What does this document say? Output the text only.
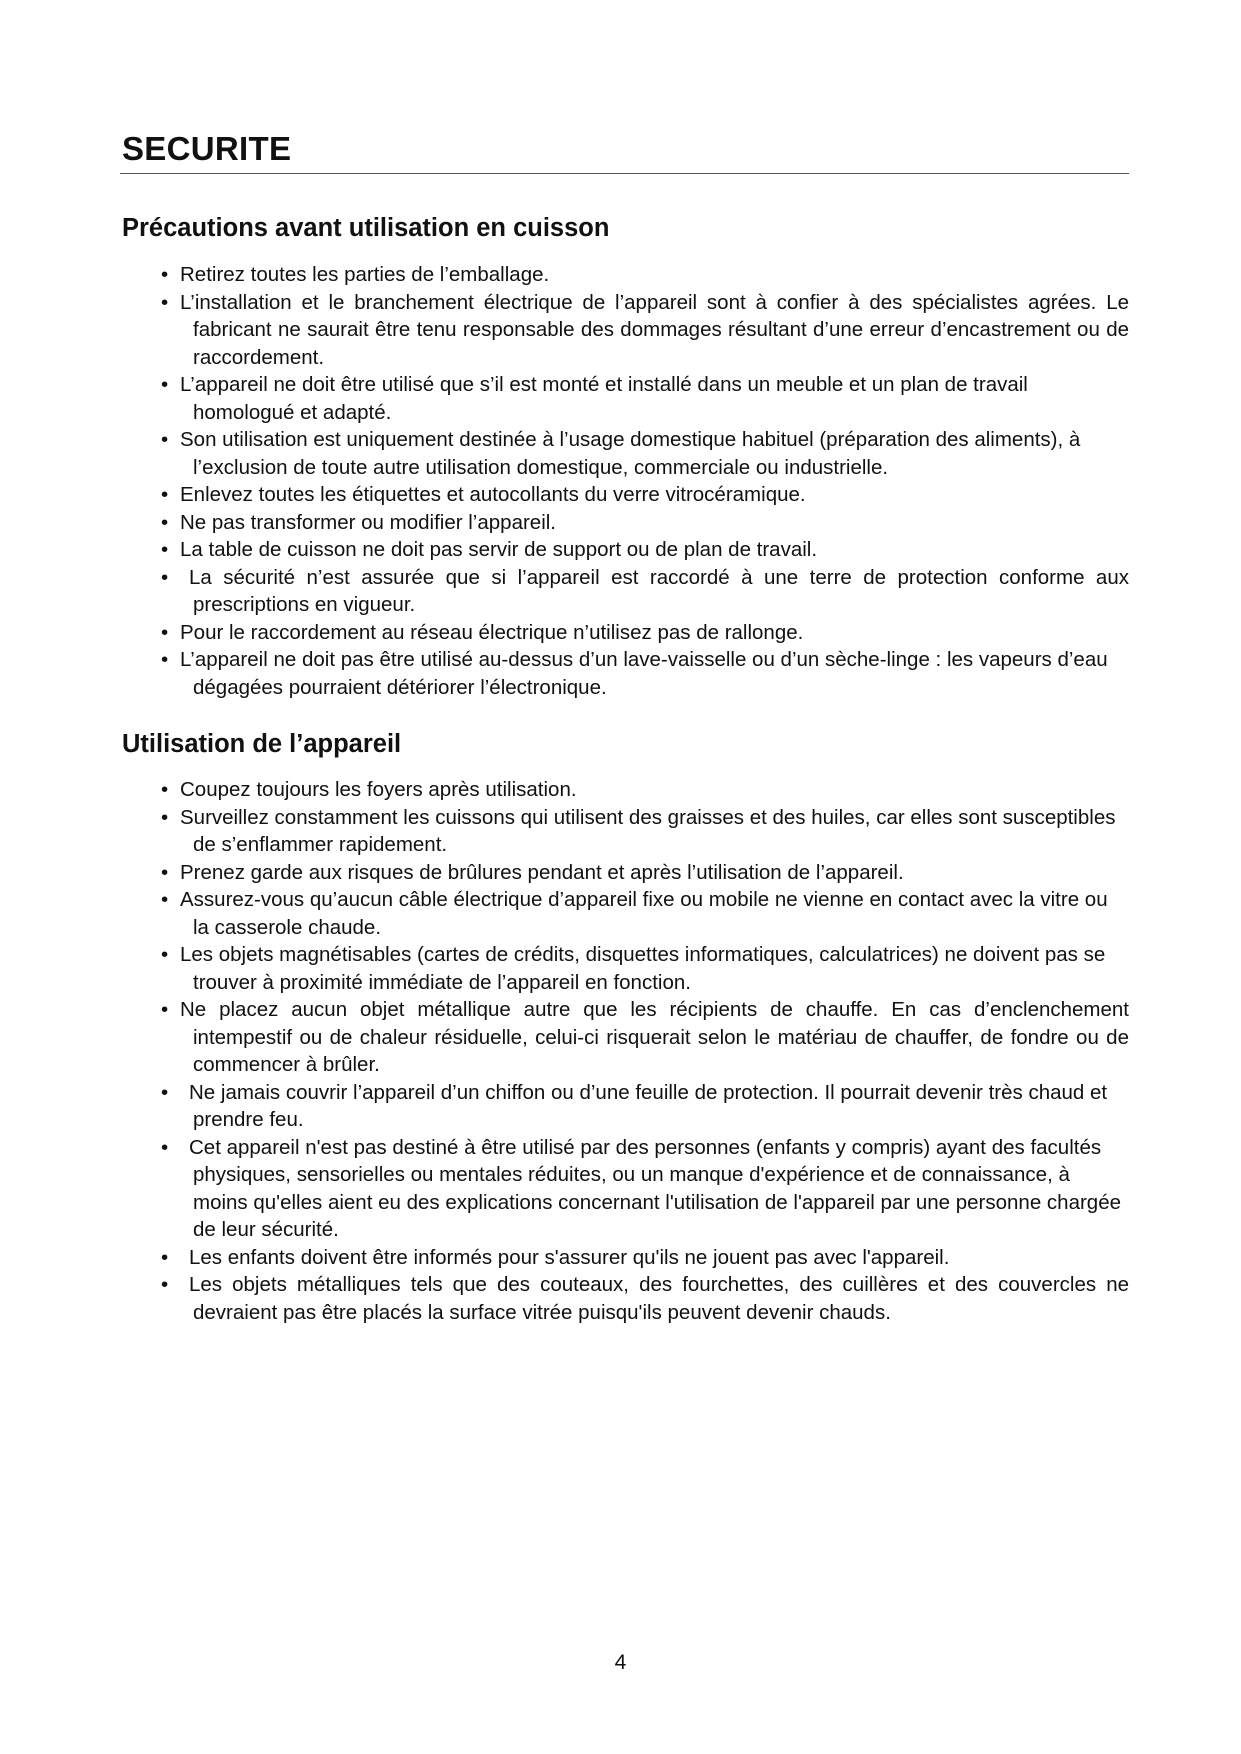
SECURITE
Précautions avant utilisation en cuisson
• Retirez toutes les parties de l’emballage.
• L’installation et le branchement électrique de l’appareil sont à confier à des spécialistes agrées. Le fabricant ne saurait être tenu responsable des dommages résultant d’une erreur d’encastrement ou de raccordement.
• L’appareil ne doit être utilisé que s’il est monté et installé dans un meuble et un plan de travail homologué et adapté.
• Son utilisation est uniquement destinée à l’usage domestique habituel (préparation des aliments), à l’exclusion de toute autre utilisation domestique, commerciale ou industrielle.
• Enlevez toutes les étiquettes et autocollants du verre vitrocéramique.
• Ne pas transformer ou modifier l’appareil.
• La table de cuisson ne doit pas servir de support ou de plan de travail.
• La sécurité n’est assurée que si l’appareil est raccordé à une terre de protection conforme aux prescriptions en vigueur.
• Pour le raccordement au réseau électrique n’utilisez pas de rallonge.
• L’appareil ne doit pas être utilisé au-dessus d’un lave-vaisselle ou d’un sèche-linge : les vapeurs d’eau dégagées pourraient détériorer l’électronique.
Utilisation de l’appareil
• Coupez toujours les foyers après utilisation.
• Surveillez constamment les cuissons qui utilisent des graisses et des huiles, car elles sont susceptibles de s’enflammer rapidement.
• Prenez garde aux risques de brûlures pendant et après l’utilisation de l’appareil.
• Assurez-vous qu’aucun câble électrique d’appareil fixe ou mobile ne vienne en contact avec la vitre ou la casserole chaude.
• Les objets magnétisables (cartes de crédits, disquettes informatiques, calculatrices) ne doivent pas se trouver à proximité immédiate de l’appareil en fonction.
• Ne placez aucun objet métallique autre que les récipients de chauffe. En cas d’enclenchement intempestif ou de chaleur résiduelle, celui-ci risquerait selon le matériau de chauffer, de fondre ou de commencer à brûler.
• Ne jamais couvrir l’appareil d’un chiffon ou d’une feuille de protection. Il pourrait devenir très chaud et prendre feu.
• Cet appareil n'est pas destiné à être utilisé par des personnes (enfants y compris) ayant des facultés physiques, sensorielles ou mentales réduites, ou un manque d'expérience et de connaissance, à moins qu'elles aient eu des explications concernant l'utilisation de l'appareil par une personne chargée de leur sécurité.
• Les enfants doivent être informés pour s'assurer qu'ils ne jouent pas avec l'appareil.
• Les objets métalliques tels que des couteaux, des fourchettes, des cuillères et des couvercles ne devraient pas être placés la surface vitrée puisqu'ils peuvent devenir chauds.
4
